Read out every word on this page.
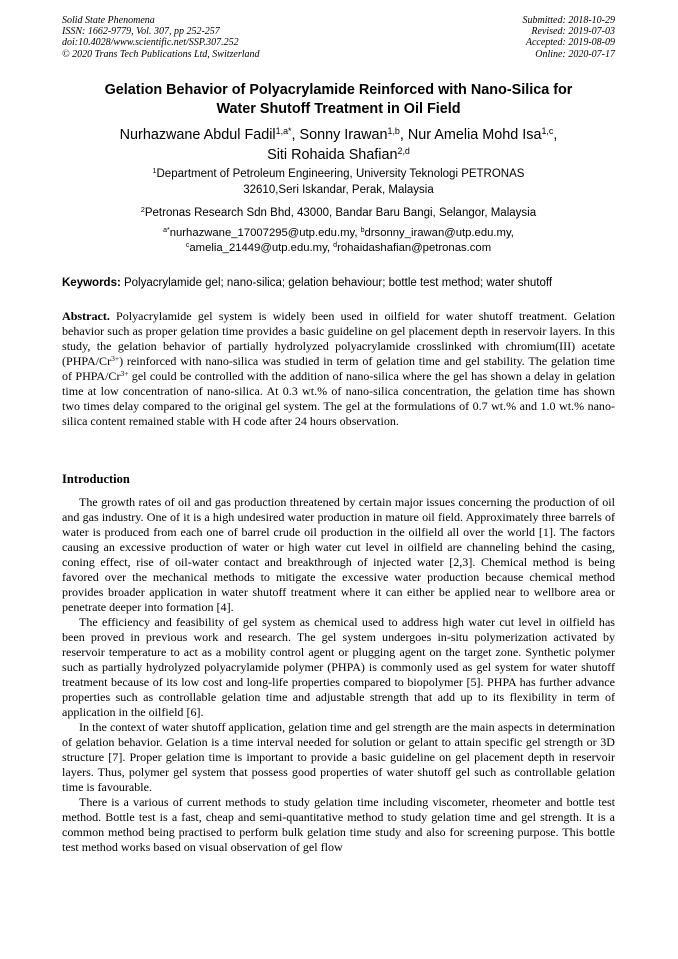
Solid State Phenomena
ISSN: 1662-9779, Vol. 307, pp 252-257
doi:10.4028/www.scientific.net/SSP.307.252
© 2020 Trans Tech Publications Ltd, Switzerland
Submitted: 2018-10-29
Revised: 2019-07-03
Accepted: 2019-08-09
Online: 2020-07-17
Gelation Behavior of Polyacrylamide Reinforced with Nano-Silica for
Water Shutoff Treatment in Oil Field
Nurhazwane Abdul Fadil$^{1,a*}$, Sonny Irawan$^{1,b}$, Nur Amelia Mohd Isa$^{1,c}$,
Siti Rohaida Shafian$^{2,d}$
$^1$Department of Petroleum Engineering, University Teknologi PETRONAS
32610,Seri Iskandar, Perak, Malaysia
$^2$Petronas Research Sdn Bhd, 43000, Bandar Baru Bangi, Selangor, Malaysia
$^{a*}$nurhazwane_17007295@utp.edu.my, $^b$drsonny_irawan@utp.edu.my,
$^c$amelia_21449@utp.edu.my, $^d$rohaidashafian@petronas.com
Keywords: Polyacrylamide gel; nano-silica; gelation behaviour; bottle test method; water shutoff
Abstract. Polyacrylamide gel system is widely been used in oilfield for water shutoff treatment. Gelation behavior such as proper gelation time provides a basic guideline on gel placement depth in reservoir layers. In this study, the gelation behavior of partially hydrolyzed polyacrylamide crosslinked with chromium(III) acetate $(PHPA/Cr^{3+})$ reinforced with nano-silica was studied in term of gelation time and gel stability. The gelation time of PHPA/$Cr^{3+}$ gel could be controlled with the addition of nano-silica where the gel has shown a delay in gelation time at low concentration of nano-silica. At 0.3 wt.% of nano-silica concentration, the gelation time has shown two times delay compared to the original gel system. The gel at the formulations of 0.7 wt.% and 1.0 wt.% nano-silica content remained stable with H code after 24 hours observation.
Introduction

The growth rates of oil and gas production threatened by certain major issues concerning the production of oil and gas industry. One of it is a high undesired water production in mature oil field. Approximately three barrels of water is produced from each one of barrel crude oil production in the oilfield all over the world [1]. The factors causing an excessive production of water or high water cut level in oilfield are channeling behind the casing, coning effect, rise of oil-water contact and breakthrough of injected water [2,3]. Chemical method is being favored over the mechanical methods to mitigate the excessive water production because chemical method provides broader application in water shutoff treatment where it can either be applied near to wellbore area or penetrate deeper into formation [4].

The efficiency and feasibility of gel system as chemical used to address high water cut level in oilfield has been proved in previous work and research. The gel system undergoes in-situ polymerization activated by reservoir temperature to act as a mobility control agent or plugging agent on the target zone. Synthetic polymer such as partially hydrolyzed polyacrylamide polymer (PHPA) is commonly used as gel system for water shutoff treatment because of its low cost and long-life properties compared to biopolymer [5]. PHPA has further advance properties such as controllable gelation time and adjustable strength that add up to its flexibility in term of application in the oilfield [6].

In the context of water shutoff application, gelation time and gel strength are the main aspects in determination of gelation behavior. Gelation is a time interval needed for solution or gelant to attain specific gel strength or 3D structure [7]. Proper gelation time is important to provide a basic guideline on gel placement depth in reservoir layers. Thus, polymer gel system that possess good properties of water shutoff gel such as controllable gelation time is favourable.

There is a various of current methods to study gelation time including viscometer, rheometer and bottle test method. Bottle test is a fast, cheap and semi-quantitative method to study gelation time and gel strength. It is a common method being practised to perform bulk gelation time study and also for screening purpose. This bottle test method works based on visual observation of gel flow
